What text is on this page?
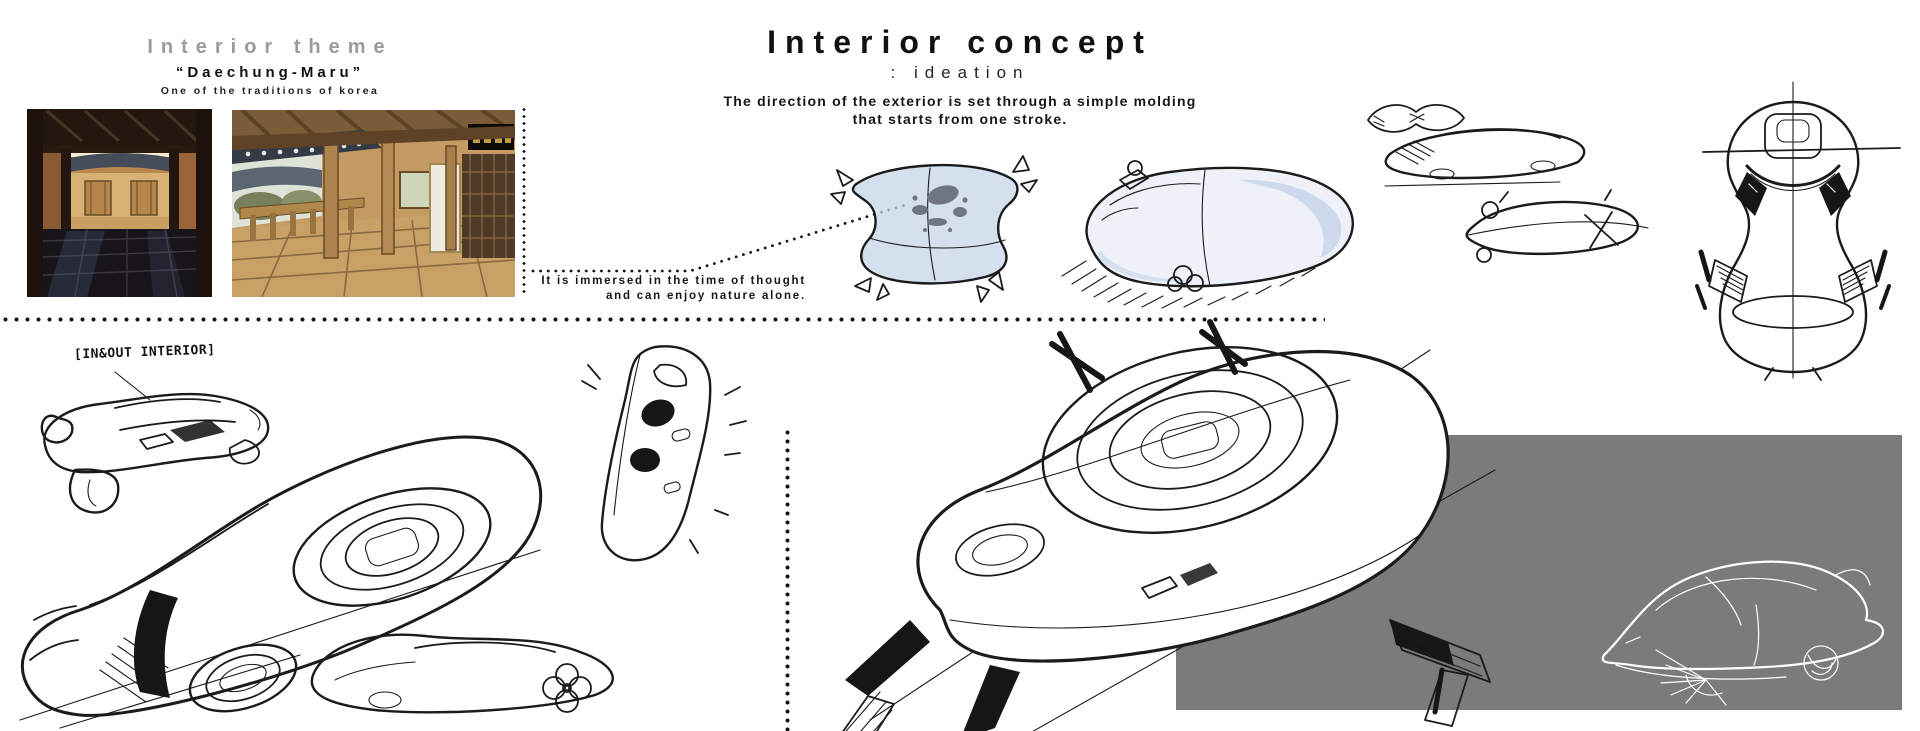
Interior theme
“Daechung-Maru”
One of the traditions of korea
Interior concept
: ideation
The direction of the exterior is set through a simple molding
that starts from one stroke.
It is immersed in the time of thought
and can enjoy nature alone.
[IN&OUT INTERIOR]
